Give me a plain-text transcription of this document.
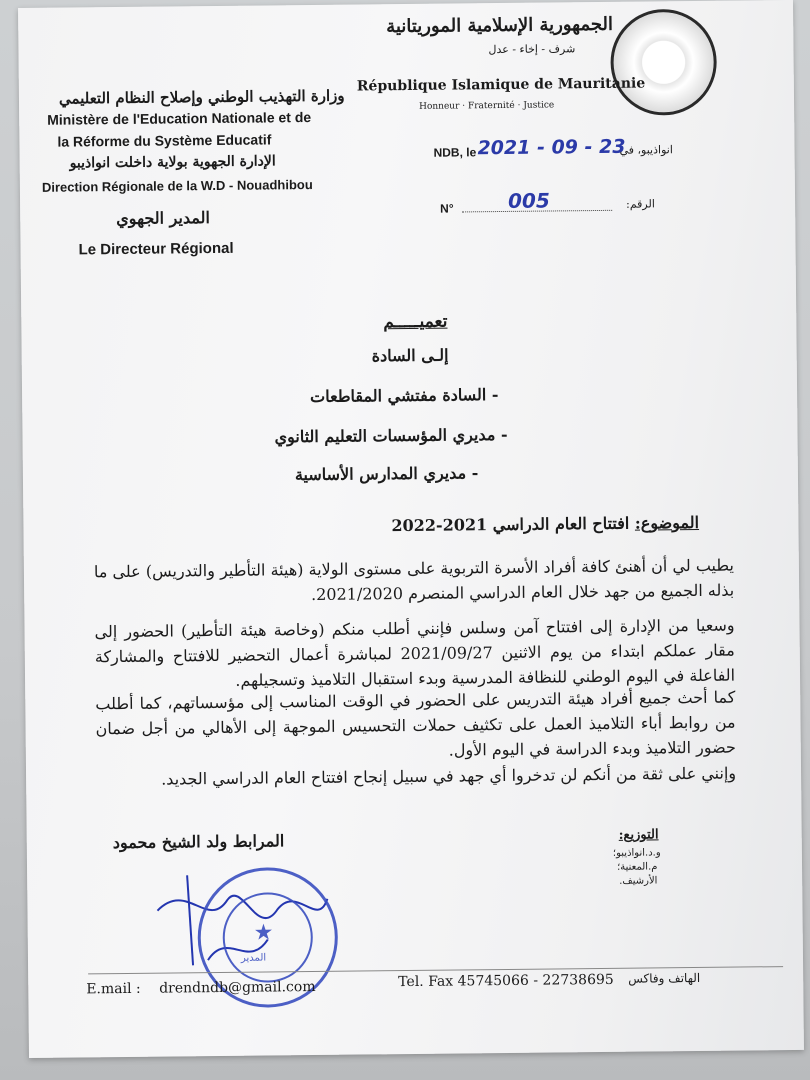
الجمهورية الإسلامية الموريتانية
شرف - إخاء - عدل
République Islamique de Mauritanie
Honneur · Fraternité · Justice
وزارة التهذيب الوطني وإصلاح النظام التعليمي
Ministère de l'Education Nationale et de
la Réforme du Système Educatif
الإدارة الجهوية بولاية داخلت انواذيبو
Direction Régionale de la W.D - Nouadhibou
المدير الجهوي
Le Directeur Régional
NDB, le 2021 - 09 - 23
انواذيبو، في
N°	005	الرقم:
تعميـــــم
إلـى السادة
- السادة مفتشي المقاطعات
- مديري المؤسسات التعليم الثانوي
- مديري المدارس الأساسية
الموضوع: افتتاح العام الدراسي 2021-2022
يطيب لي أن أهنئ كافة أفراد الأسرة التربوية على مستوى الولاية (هيئة التأطير والتدريس) على ما بذله الجميع من جهد خلال العام الدراسي المنصرم 2021/2020.
وسعيا من الإدارة إلى افتتاح آمن وسلس فإنني أطلب منكم (وخاصة هيئة التأطير) الحضور إلى مقار عملكم ابتداء من يوم الاثنين 2021/09/27 لمباشرة أعمال التحضير للافتتاح والمشاركة الفاعلة في اليوم الوطني للنظافة المدرسية وبدء استقبال التلاميذ وتسجيلهم.
كما أحث جميع أفراد هيئة التدريس على الحضور في الوقت المناسب إلى مؤسساتهم، كما أطلب من روابط أباء التلاميذ العمل على تكثيف حملات التحسيس الموجهة إلى الأهالي من أجل ضمان حضور التلاميذ وبدء الدراسة في اليوم الأول.
وإنني على ثقة من أنكم لن تدخروا أي جهد في سبيل إنجاح افتتاح العام الدراسي الجديد.
المرابط ولد الشيخ محمود	التوزيع:
و.د.انواذيبو؛
م.المعنية؛
الأرشيف.
★
المدير
E.mail : drendndb@gmail.com	Tel. Fax 45745066 - 22738695 الهاتف وفاكس
